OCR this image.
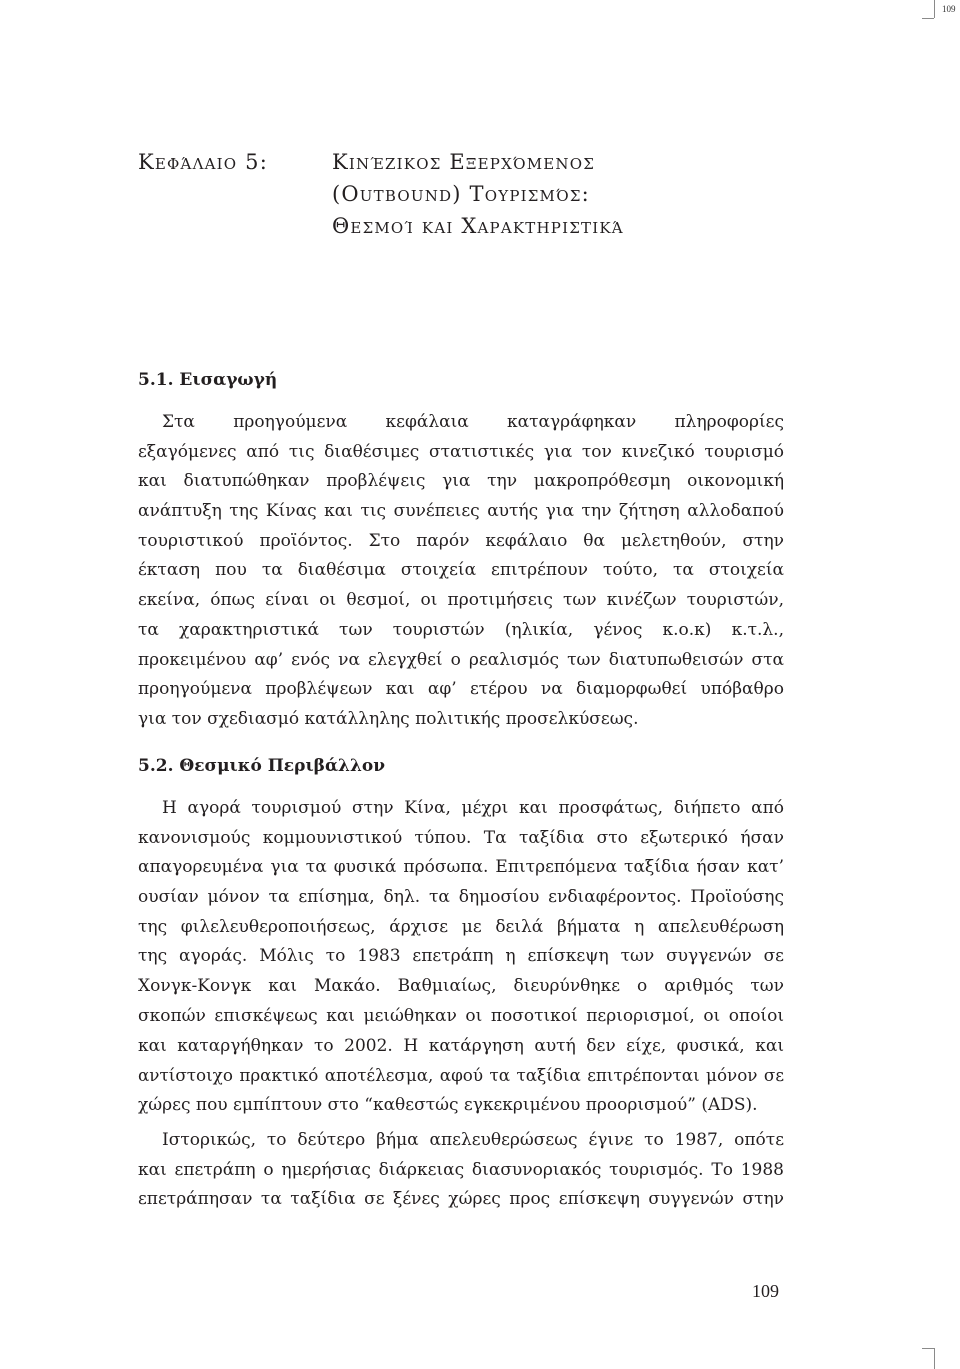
109
Κεφάλαιο 5:	Κινέζικος Εξερχόμενος
(Outbound) Τουρισμός:
Θεσμοί και Χαρακτηριστικά
5.1. Εισαγωγή
Στα προηγούμενα κεφάλαια καταγράφηκαν πληροφορίες
εξαγόμενες από τις διαθέσιμες στατιστικές για τον κινεζικό τουρισμό
και διατυπώθηκαν προβλέψεις για την μακροπρόθεσμη οικονομική
ανάπτυξη της Κίνας και τις συνέπειες αυτής για την ζήτηση αλλοδαπού
τουριστικού προϊόντος. Στο παρόν κεφάλαιο θα μελετηθούν, στην
έκταση που τα διαθέσιμα στοιχεία επιτρέπουν τούτο, τα στοιχεία
εκείνα, όπως είναι οι θεσμοί, οι προτιμήσεις των κινέζων τουριστών,
τα χαρακτηριστικά των τουριστών (ηλικία, γένος κ.ο.κ) κ.τ.λ.,
προκειμένου αφ’ ενός να ελεγχθεί ο ρεαλισμός των διατυπωθεισών στα
προηγούμενα προβλέψεων και αφ’ ετέρου να διαμορφωθεί υπόβαθρο
για τον σχεδιασμό κατάλληλης πολιτικής προσελκύσεως.
5.2. Θεσμικό Περιβάλλον
Η αγορά τουρισμού στην Κίνα, μέχρι και προσφάτως, διήπετο από
κανονισμούς κομμουνιστικού τύπου. Τα ταξίδια στο εξωτερικό ήσαν
απαγορευμένα για τα φυσικά πρόσωπα. Επιτρεπόμενα ταξίδια ήσαν κατ’
ουσίαν μόνον τα επίσημα, δηλ. τα δημοσίου ενδιαφέροντος. Προϊούσης
της φιλελευθεροποιήσεως, άρχισε με δειλά βήματα η απελευθέρωση
της αγοράς. Μόλις το 1983 επετράπη η επίσκεψη των συγγενών σε
Χονγκ-Κονγκ και Μακάο. Βαθμιαίως, διευρύνθηκε ο αριθμός των
σκοπών επισκέψεως και μειώθηκαν οι ποσοτικοί περιορισμοί, οι οποίοι
και καταργήθηκαν το 2002. Η κατάργηση αυτή δεν είχε, φυσικά, και
αντίστοιχο πρακτικό αποτέλεσμα, αφού τα ταξίδια επιτρέπονται μόνον σε
χώρες που εμπίπτουν στο “καθεστώς εγκεκριμένου προορισμού” (ADS).
Ιστορικώς, το δεύτερο βήμα απελευθερώσεως έγινε το 1987, οπότε
και επετράπη ο ημερήσιας διάρκειας διασυνοριακός τουρισμός. Το 1988
επετράπησαν τα ταξίδια σε ξένες χώρες προς επίσκεψη συγγενών στην
109
